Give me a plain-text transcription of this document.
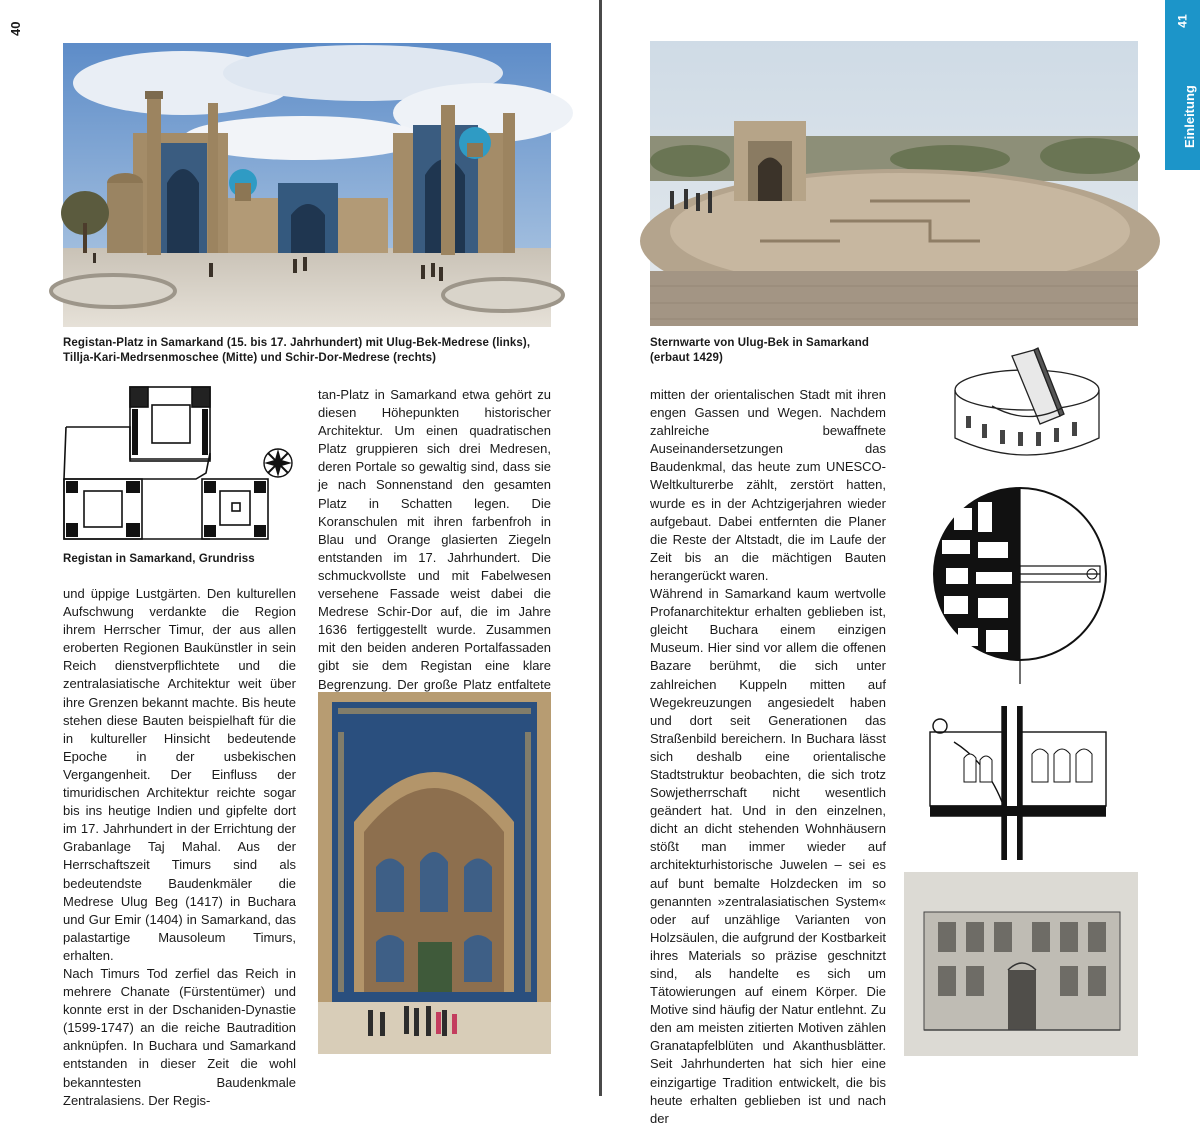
40
Registan-Platz in Samarkand (15. bis 17. Jahrhundert) mit Ulug-Bek-Medrese (links), Tillja-Kari-Medrsenmoschee (Mitte) und Schir-Dor-Medrese (rechts)
Registan in Samarkand, Grundriss

und üppige Lustgärten. Den kulturellen Aufschwung verdankte die Region ihrem Herrscher Timur, der aus allen eroberten Regionen Baukünstler in sein Reich dienstverpflichtete und die zentralasiatische Architektur weit über ihre Grenzen bekannt machte. Bis heute stehen diese Bauten beispielhaft für die in kultureller Hinsicht bedeutende Epoche in der usbekischen Vergangenheit. Der Einfluss der timuridischen Architektur reichte sogar bis ins heutige Indien und gipfelte dort im 17. Jahrhundert in der Errichtung der Grabanlage Taj Mahal. Aus der Herrschaftszeit Timurs sind als bedeutendste Baudenkmäler die Medrese Ulug Beg (1417) in Buchara und Gur Emir (1404) in Samarkand, das palastartige Mausoleum Timurs, erhalten.

Nach Timurs Tod zerfiel das Reich in mehrere Chanate (Fürstentümer) und konnte erst in der Dschaniden-Dynastie (1599-1747) an die reiche Bautradition anknüpfen. In Buchara und Samarkand entstanden in dieser Zeit die wohl bekanntesten Baudenkmale Zentralasiens. Der Regis-

tan-Platz in Samarkand etwa gehört zu diesen Höhepunkten historischer Architektur. Um einen quadratischen Platz gruppieren sich drei Medresen, deren Portale so gewaltig sind, dass sie je nach Sonnenstand den gesamten Platz in Schatten legen. Die Koranschulen mit ihren farbenfroh in Blau und Orange glasierten Ziegeln entstanden im 17. Jahrhundert. Die schmuckvollste und mit Fabelwesen versehene Fassade weist dabei die Medrese Schir-Dor auf, die im Jahre 1636 fertiggestellt wurde. Zusammen mit den beiden anderen Portalfassaden gibt sie dem Registan eine klare Begrenzung. Der große Platz entfaltete

41
Einleitung
Sternwarte von Ulug-Bek in Samarkand (erbaut 1429)

mitten der orientalischen Stadt mit ihren engen Gassen und Wegen. Nachdem zahlreiche bewaffnete Auseinandersetzungen das Baudenkmal, das heute zum UNESCO-Weltkulturerbe zählt, zerstört hatten, wurde es in der Achtzigerjahren wieder aufgebaut. Dabei entfernten die Planer die Reste der Altstadt, die im Laufe der Zeit bis an die mächtigen Bauten herangerückt waren.

Während in Samarkand kaum wertvolle Profanarchitektur erhalten geblieben ist, gleicht Buchara einem einzigen Museum. Hier sind vor allem die offenen Bazare berühmt, die sich unter zahlreichen Kuppeln mitten auf Wegekreuzungen angesiedelt haben und dort seit Generationen das Straßenbild bereichern. In Buchara lässt sich deshalb eine orientalische Stadtstruktur beobachten, die sich trotz Sowjetherrschaft nicht wesentlich geändert hat. Und in den einzelnen, dicht an dicht stehenden Wohnhäusern stößt man immer wieder auf architekturhistorische Juwelen – sei es auf bunt bemalte Holzdecken im so genannten »zentralasiatischen System« oder auf unzählige Varianten von Holzsäulen, die aufgrund der Kostbarkeit ihres Materials so präzise geschnitzt sind, als handelte es sich um Tätowierungen auf einem Körper. Die Motive sind häufig der Natur entlehnt. Zu den am meisten zitierten Motiven zählen Granatapfelblüten und Akanthusblätter. Seit Jahrhunderten hat sich hier eine einzigartige Tradition entwickelt, die bis heute erhalten geblieben ist und nach der
